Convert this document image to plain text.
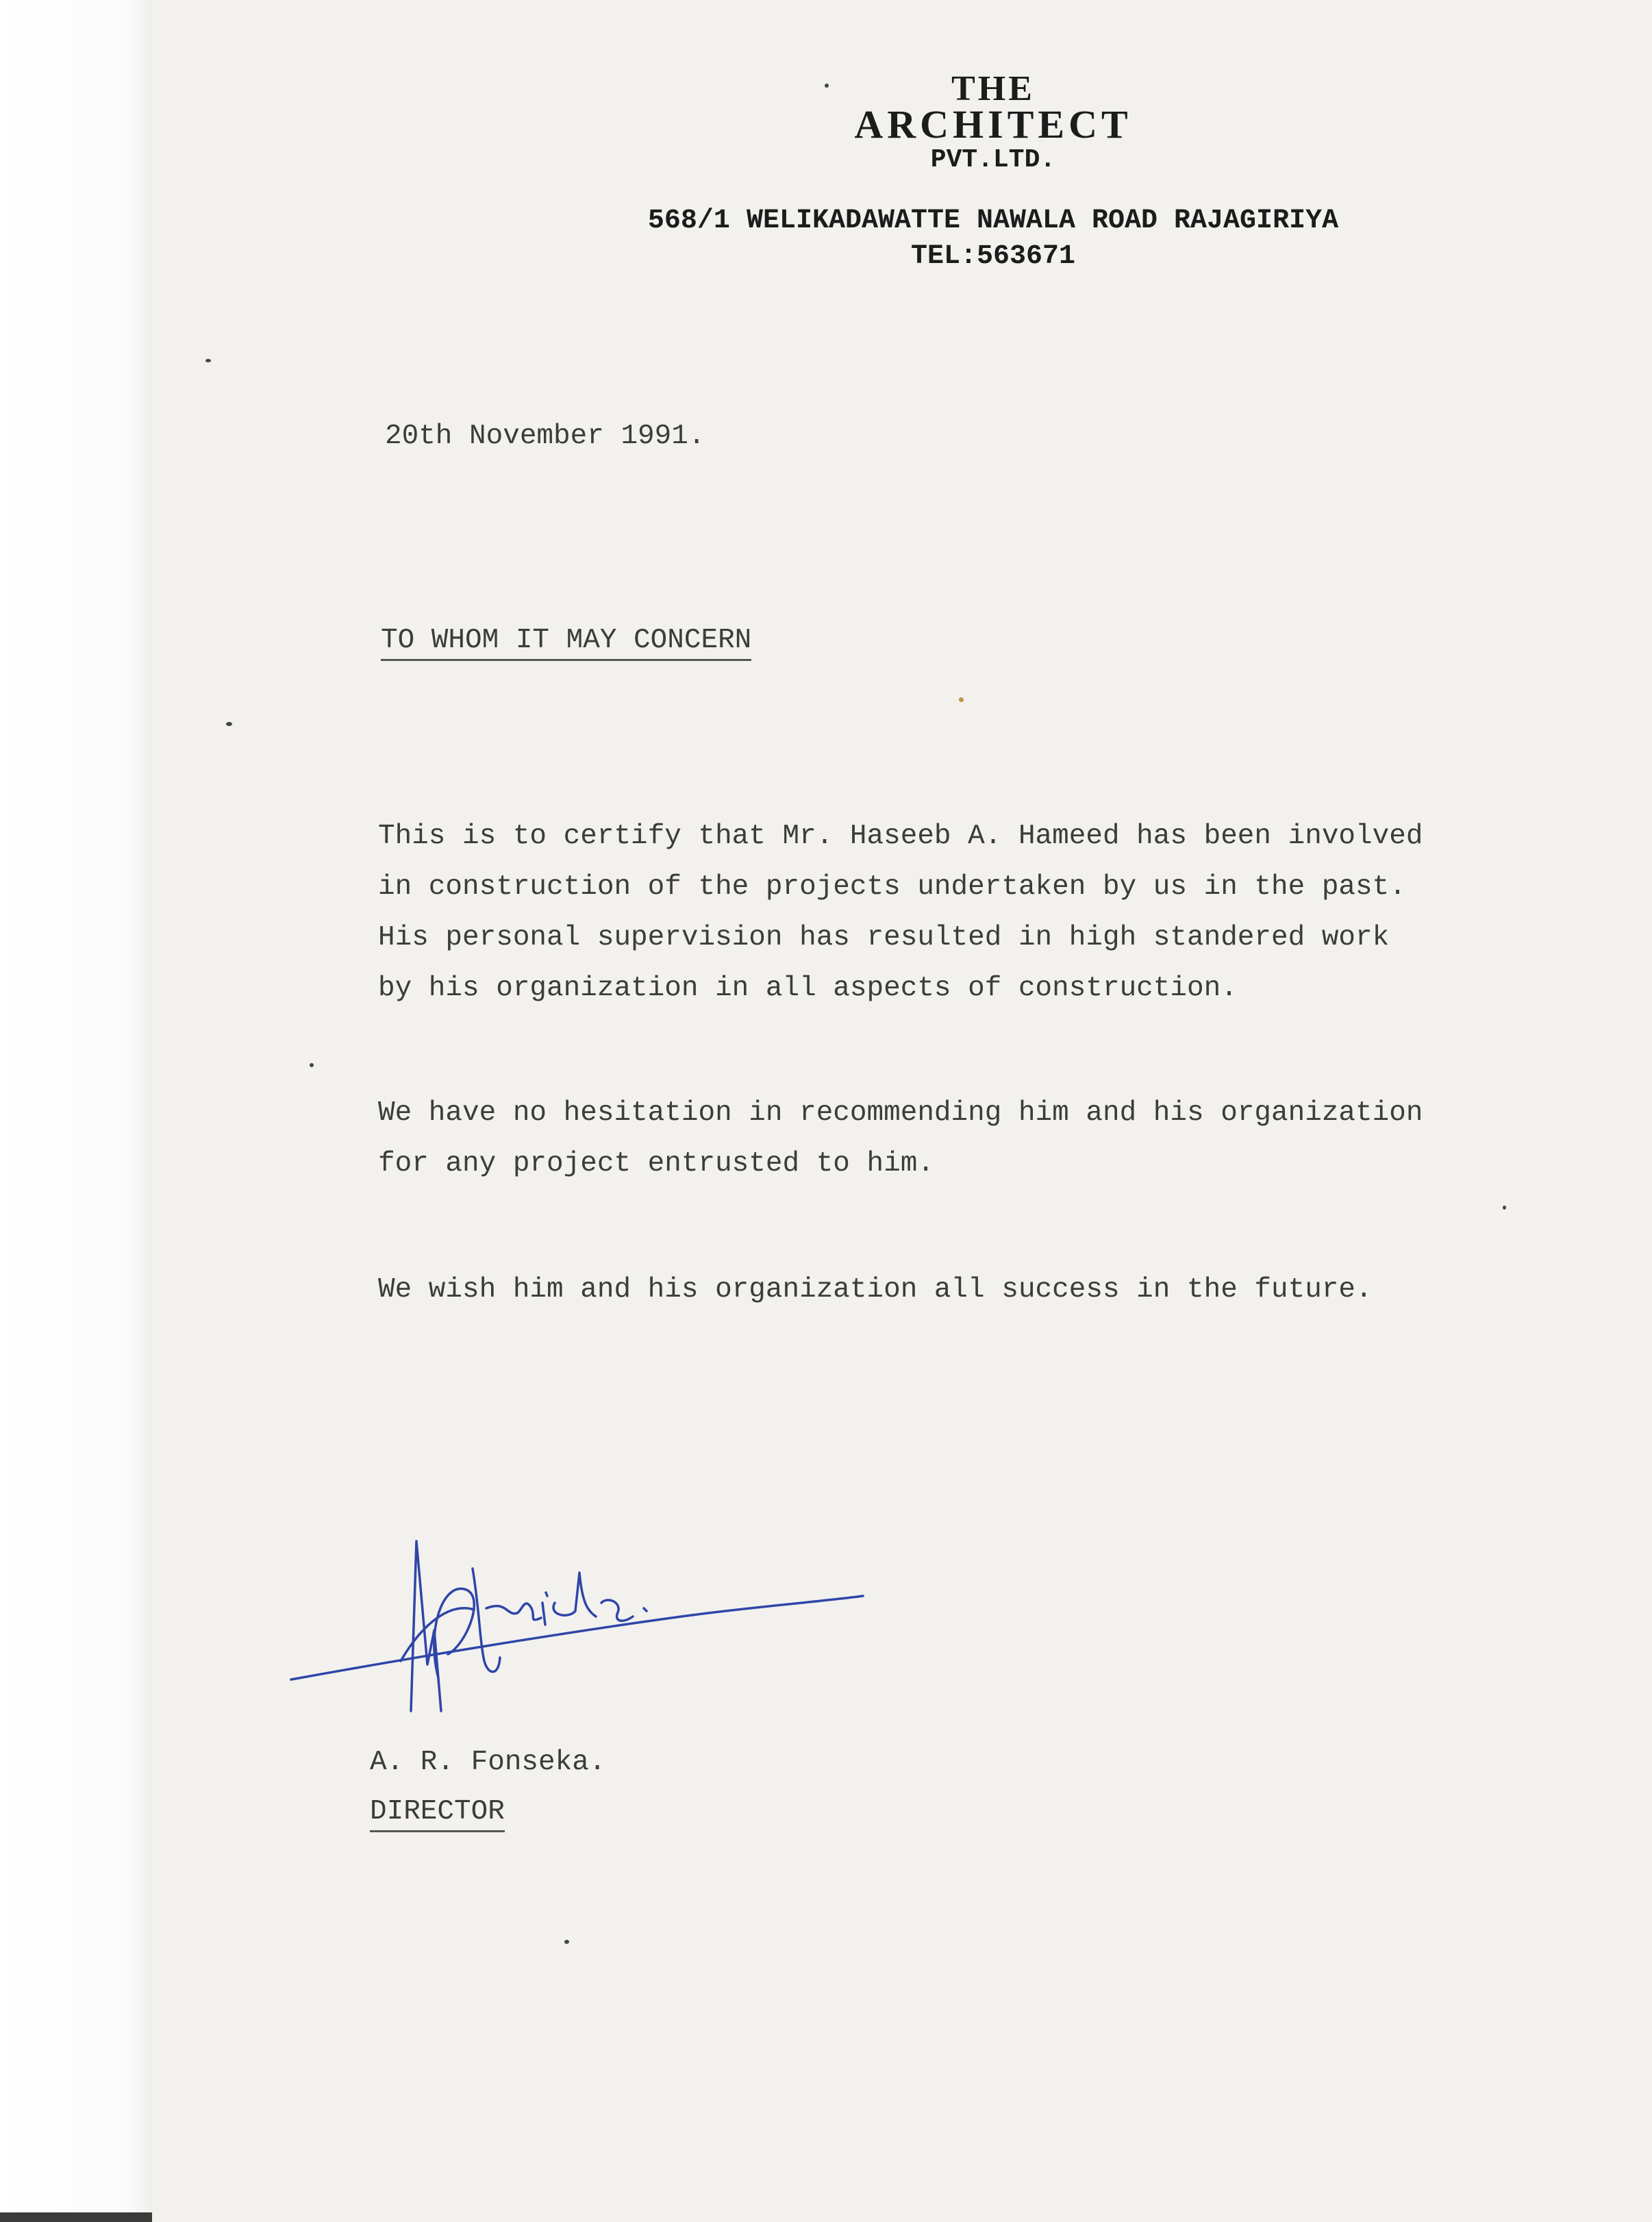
THE
ARCHITECT
PVT.LTD.
568/1 WELIKADAWATTE NAWALA ROAD RAJAGIRIYA
TEL:563671
20th November 1991.
TO WHOM IT MAY CONCERN
This is to certify that Mr. Haseeb A. Hameed has been involved
in construction of the projects undertaken by us in the past.
His personal supervision has resulted in high standered work
by his organization in all aspects of construction.
We have no hesitation in recommending him and his organization
for any project entrusted to him.
We wish him and his organization all success in the future.
A. R. Fonseka.
DIRECTOR
